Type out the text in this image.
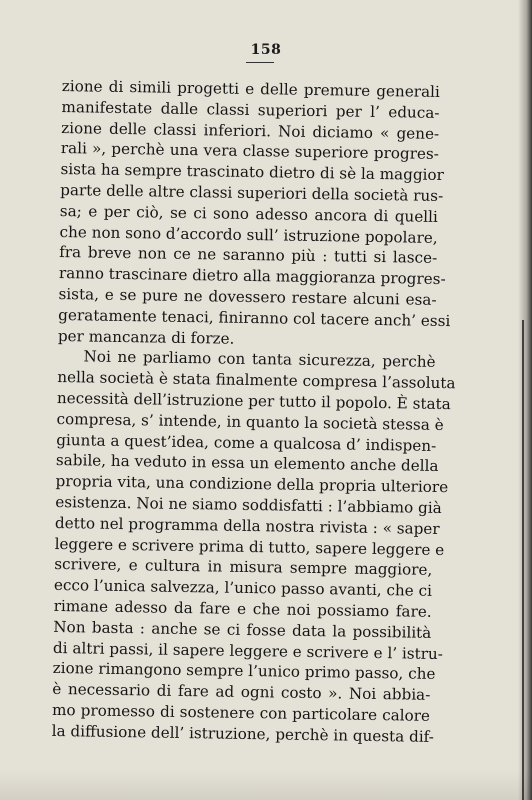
158
zione di simili progetti e delle premure generali
manifestate dalle classi superiori per l’ educa-
zione delle classi inferiori. Noi diciamo « gene-
rali », perchè una vera classe superiore progres-
sista ha sempre trascinato dietro di sè la maggior
parte delle altre classi superiori della società rus-
sa; e per ciò, se ci sono adesso ancora di quelli
che non sono d’accordo sull’ istruzione popolare,
fra breve non ce ne saranno più : tutti si lasce-
ranno trascinare dietro alla maggioranza progres-
sista, e se pure ne dovessero restare alcuni esa-
geratamente tenaci, finiranno col tacere anch’ essi
per mancanza di forze.
Noi ne parliamo con tanta sicurezza, perchè
nella società è stata finalmente compresa l’assoluta
necessità dell’istruzione per tutto il popolo. È stata
compresa, s’ intende, in quanto la società stessa è
giunta a quest’idea, come a qualcosa d’ indispen-
sabile, ha veduto in essa un elemento anche della
propria vita, una condizione della propria ulteriore
esistenza. Noi ne siamo soddisfatti : l’abbiamo già
detto nel programma della nostra rivista : « saper
leggere e scrivere prima di tutto, sapere leggere e
scrivere, e cultura in misura sempre maggiore,
ecco l’unica salvezza, l’unico passo avanti, che ci
rimane adesso da fare e che noi possiamo fare.
Non basta : anche se ci fosse data la possibilità
di altri passi, il sapere leggere e scrivere e l’ istru-
zione rimangono sempre l’unico primo passo, che
è necessario di fare ad ogni costo ». Noi abbia-
mo promesso di sostenere con particolare calore
la diffusione dell’ istruzione, perchè in questa dif-
